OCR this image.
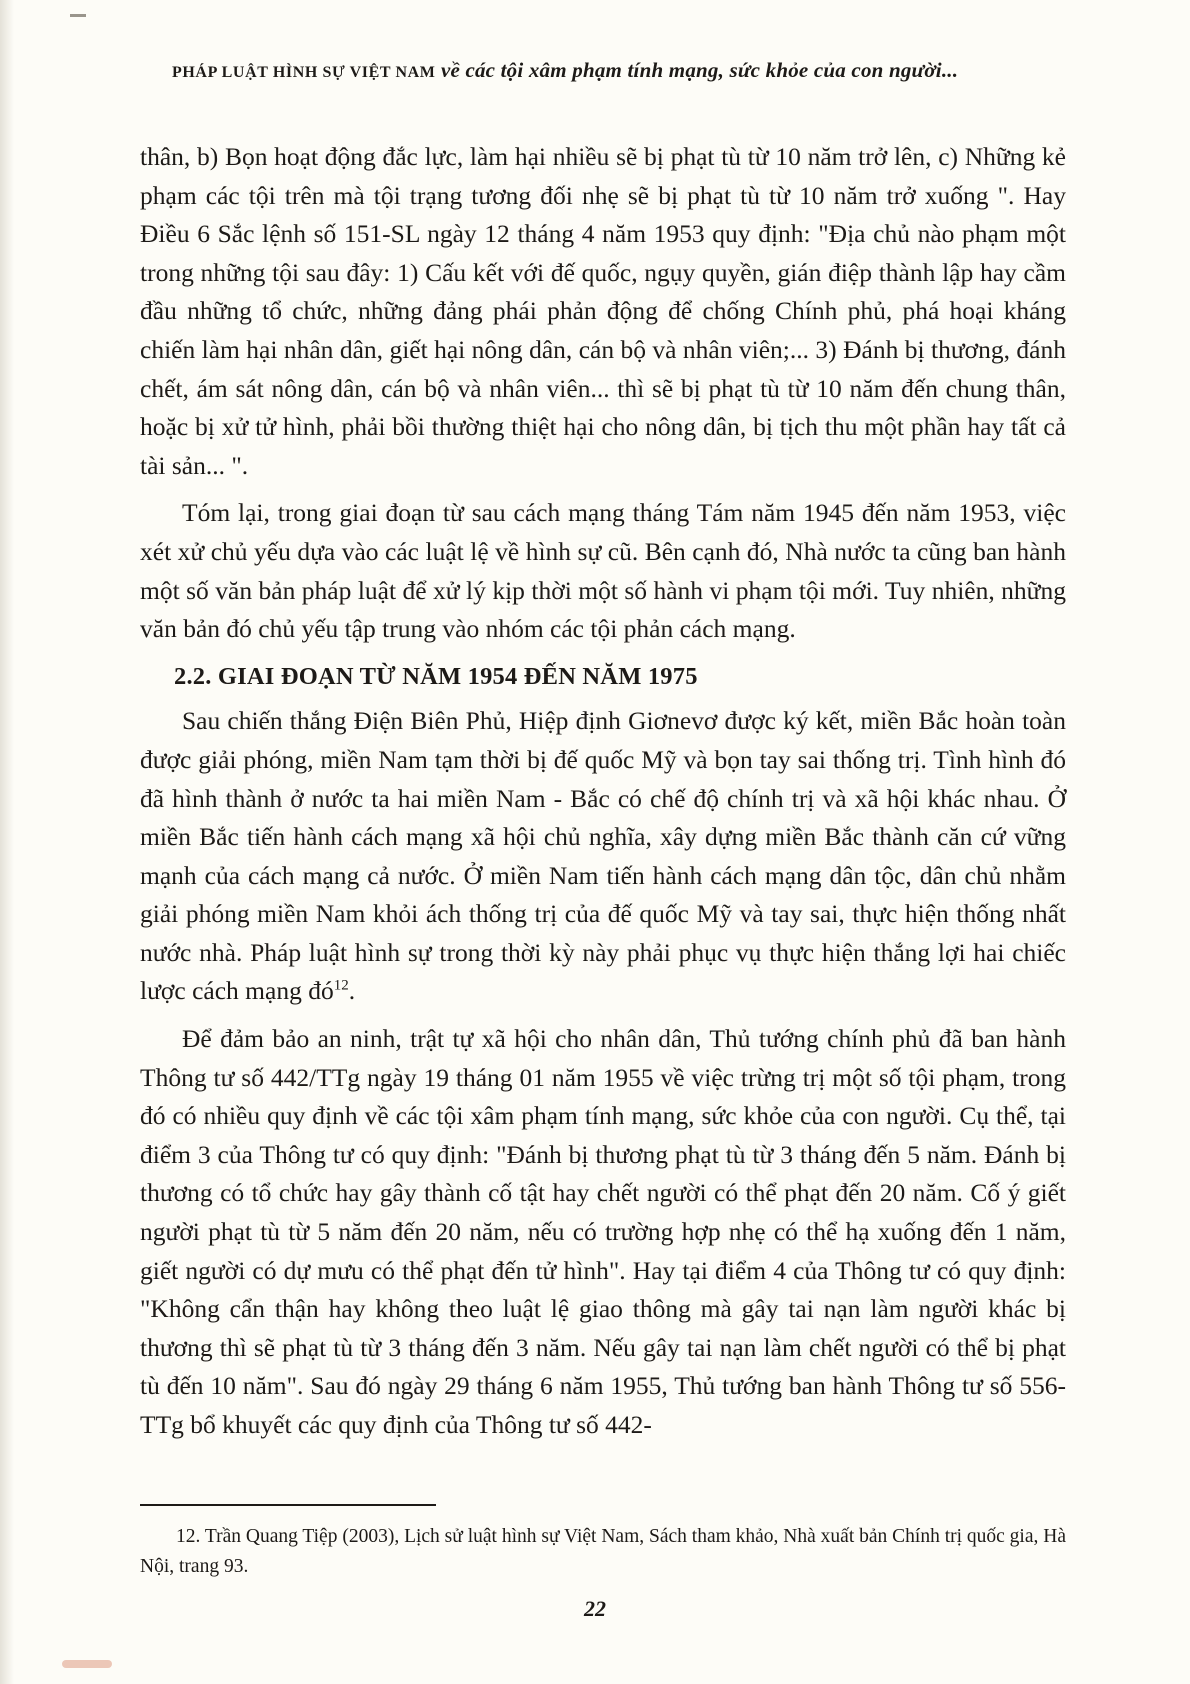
PHÁP LUẬT HÌNH SỰ VIỆT NAM về các tội xâm phạm tính mạng, sức khỏe của con người...

thân, b) Bọn hoạt động đắc lực, làm hại nhiều sẽ bị phạt tù từ 10 năm trở lên, c) Những kẻ phạm các tội trên mà tội trạng tương đối nhẹ sẽ bị phạt tù từ 10 năm trở xuống ". Hay Điều 6 Sắc lệnh số 151-SL ngày 12 tháng 4 năm 1953 quy định: "Địa chủ nào phạm một trong những tội sau đây: 1) Cấu kết với đế quốc, ngụy quyền, gián điệp thành lập hay cầm đầu những tổ chức, những đảng phái phản động để chống Chính phủ, phá hoại kháng chiến làm hại nhân dân, giết hại nông dân, cán bộ và nhân viên;... 3) Đánh bị thương, đánh chết, ám sát nông dân, cán bộ và nhân viên... thì sẽ bị phạt tù từ 10 năm đến chung thân, hoặc bị xử tử hình, phải bồi thường thiệt hại cho nông dân, bị tịch thu một phần hay tất cả tài sản... ".

Tóm lại, trong giai đoạn từ sau cách mạng tháng Tám năm 1945 đến năm 1953, việc xét xử chủ yếu dựa vào các luật lệ về hình sự cũ. Bên cạnh đó, Nhà nước ta cũng ban hành một số văn bản pháp luật để xử lý kịp thời một số hành vi phạm tội mới. Tuy nhiên, những văn bản đó chủ yếu tập trung vào nhóm các tội phản cách mạng.

2.2. GIAI ĐOẠN TỪ NĂM 1954 ĐẾN NĂM 1975

Sau chiến thắng Điện Biên Phủ, Hiệp định Giơnevơ được ký kết, miền Bắc hoàn toàn được giải phóng, miền Nam tạm thời bị đế quốc Mỹ và bọn tay sai thống trị. Tình hình đó đã hình thành ở nước ta hai miền Nam - Bắc có chế độ chính trị và xã hội khác nhau. Ở miền Bắc tiến hành cách mạng xã hội chủ nghĩa, xây dựng miền Bắc thành căn cứ vững mạnh của cách mạng cả nước. Ở miền Nam tiến hành cách mạng dân tộc, dân chủ nhằm giải phóng miền Nam khỏi ách thống trị của đế quốc Mỹ và tay sai, thực hiện thống nhất nước nhà. Pháp luật hình sự trong thời kỳ này phải phục vụ thực hiện thắng lợi hai chiếc lược cách mạng $đó^{12}$.

Để đảm bảo an ninh, trật tự xã hội cho nhân dân, Thủ tướng chính phủ đã ban hành Thông tư số 442/TTg ngày 19 tháng 01 năm 1955 về việc trừng trị một số tội phạm, trong đó có nhiều quy định về các tội xâm phạm tính mạng, sức khỏe của con người. Cụ thể, tại điểm 3 của Thông tư có quy định: "Đánh bị thương phạt tù từ 3 tháng đến 5 năm. Đánh bị thương có tổ chức hay gây thành cố tật hay chết người có thể phạt đến 20 năm. Cố ý giết người phạt tù từ 5 năm đến 20 năm, nếu có trường hợp nhẹ có thể hạ xuống đến 1 năm, giết người có dự mưu có thể phạt đến tử hình". Hay tại điểm 4 của Thông tư có quy định: "Không cẩn thận hay không theo luật lệ giao thông mà gây tai nạn làm người khác bị thương thì sẽ phạt tù từ 3 tháng đến 3 năm. Nếu gây tai nạn làm chết người có thể bị phạt tù đến 10 năm". Sau đó ngày 29 tháng 6 năm 1955, Thủ tướng ban hành Thông tư số 556-TTg bổ khuyết các quy định của Thông tư số 442-

12. Trần Quang Tiệp (2003), Lịch sử luật hình sự Việt Nam, Sách tham khảo, Nhà xuất bản Chính trị quốc gia, Hà Nội, trang 93.
22
